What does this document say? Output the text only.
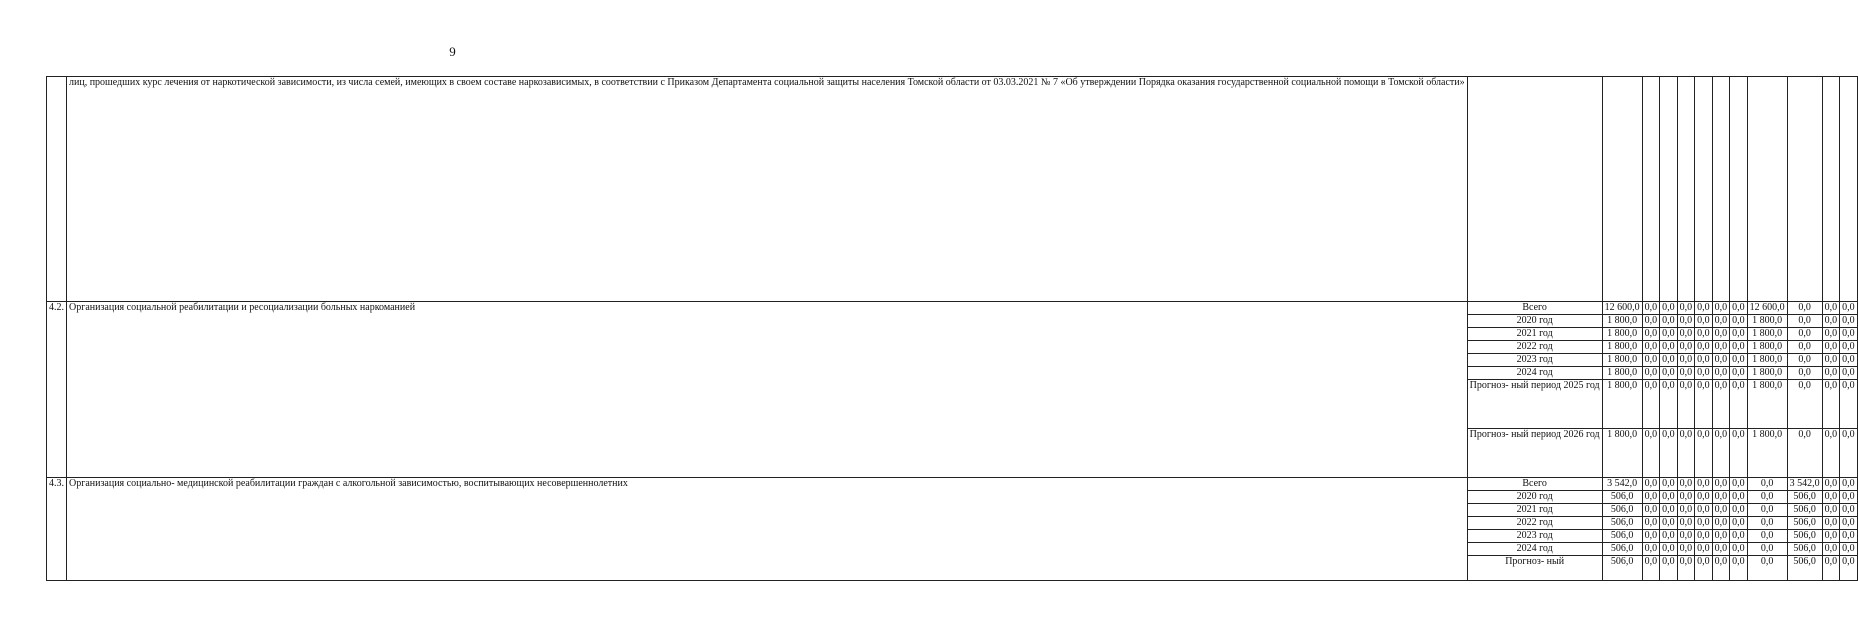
9
	лиц, прошедших курс лечения от наркотической зависимости, из числа семей, имеющих в своем составе наркозависимых, в соответствии с Приказом Департамента социальной защиты населения Томской области от 03.03.2021 № 7 «Об утверждении Порядка оказания государственной социальной помощи в Томской области»												
4.2.	Организация социальной реабилитации и ресоциализации больных наркоманией	Всего	12 600,0	0,0	0,0	0,0	0,0	0,0	0,0	12 600,0	0,0	0,0	0,0
		2020 год	1 800,0	0,0	0,0	0,0	0,0	0,0	0,0	1 800,0	0,0	0,0	0,0
		2021 год	1 800,0	0,0	0,0	0,0	0,0	0,0	0,0	1 800,0	0,0	0,0	0,0
		2022 год	1 800,0	0,0	0,0	0,0	0,0	0,0	0,0	1 800,0	0,0	0,0	0,0
		2023 год	1 800,0	0,0	0,0	0,0	0,0	0,0	0,0	1 800,0	0,0	0,0	0,0
		2024 год	1 800,0	0,0	0,0	0,0	0,0	0,0	0,0	1 800,0	0,0	0,0	0,0
		Прогноз- ный период 2025 год	1 800,0	0,0	0,0	0,0	0,0	0,0	0,0	1 800,0	0,0	0,0	0,0
		Прогноз- ный период 2026 год	1 800,0	0,0	0,0	0,0	0,0	0,0	0,0	1 800,0	0,0	0,0	0,0
4.3.	Организация социально- медицинской реабилитации граждан с алкогольной зависимостью, воспитывающих несовершеннолетних	Всего	3 542,0	0,0	0,0	0,0	0,0	0,0	0,0	0,0	3 542,0	0,0	0,0
		2020 год	506,0	0,0	0,0	0,0	0,0	0,0	0,0	0,0	506,0	0,0	0,0
		2021 год	506,0	0,0	0,0	0,0	0,0	0,0	0,0	0,0	506,0	0,0	0,0
		2022 год	506,0	0,0	0,0	0,0	0,0	0,0	0,0	0,0	506,0	0,0	0,0
		2023 год	506,0	0,0	0,0	0,0	0,0	0,0	0,0	0,0	506,0	0,0	0,0
		2024 год	506,0	0,0	0,0	0,0	0,0	0,0	0,0	0,0	506,0	0,0	0,0
		Прогноз- ный	506,0	0,0	0,0	0,0	0,0	0,0	0,0	0,0	506,0	0,0	0,0
